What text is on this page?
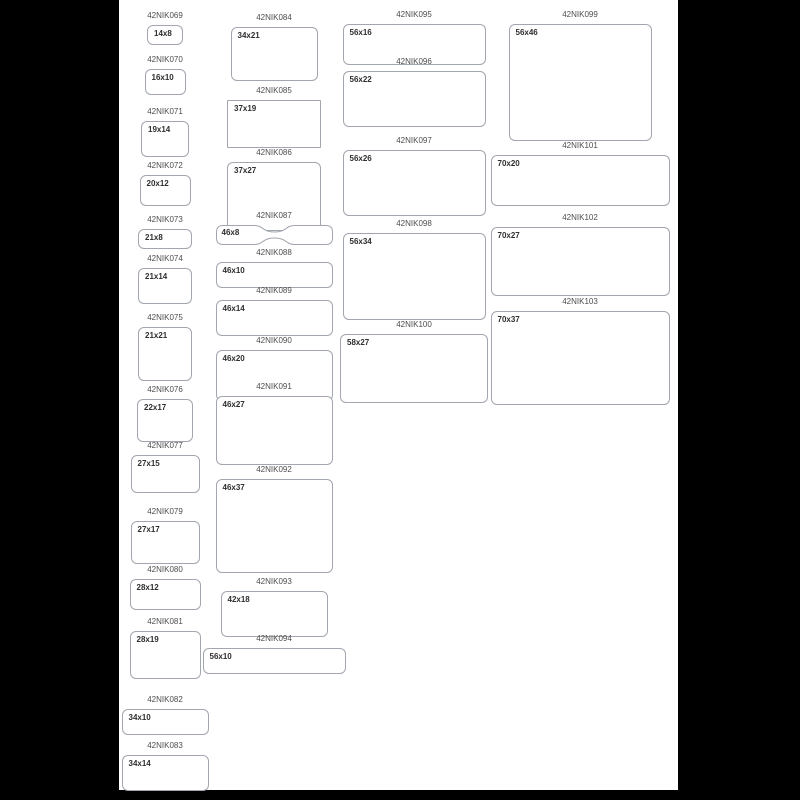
42NIK069
14x8
42NIK070
16x10
42NIK071
19x14
42NIK072
20x12
42NIK073
21x8
42NIK074
21x14
42NIK075
21x21
42NIK076
22x17
42NIK077
27x15
42NIK079
27x17
42NIK080
28x12
42NIK081
28x19
42NIK082
34x10
42NIK083
34x14
42NIK084
34x21
42NIK085
37x19
42NIK086
37x27
42NIK087
46x8
42NIK088
46x10
42NIK089
46x14
42NIK090
46x20
42NIK091
46x27
42NIK092
46x37
42NIK093
42x18
42NIK094
56x10
42NIK095
56x16
42NIK096
56x22
42NIK097
56x26
42NIK098
56x34
42NIK100
58x27
42NIK099
56x46
42NIK101
70x20
42NIK102
70x27
42NIK103
70x37
